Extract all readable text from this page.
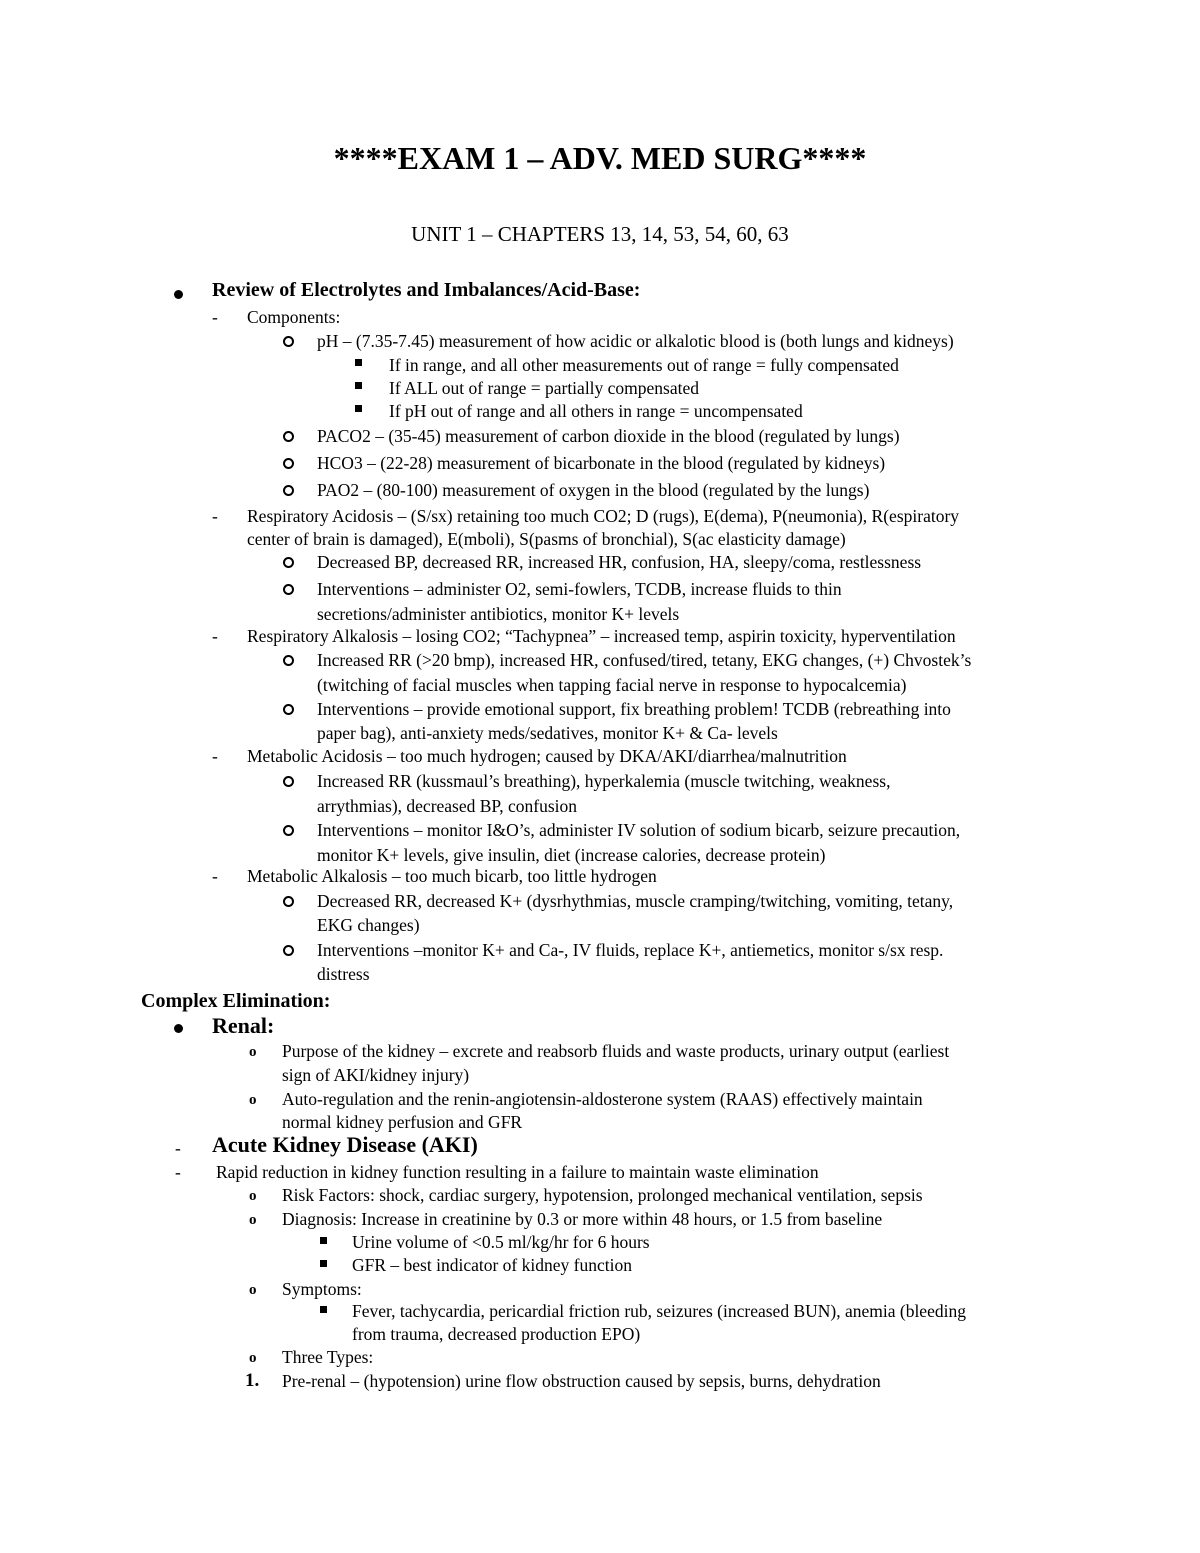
****EXAM 1 – ADV. MED SURG****
UNIT 1 – CHAPTERS 13, 14, 53, 54, 60, 63
Review of Electrolytes and Imbalances/Acid-Base:
- Components:
pH – (7.35-7.45) measurement of how acidic or alkalotic blood is (both lungs and kidneys)
If in range, and all other measurements out of range = fully compensated
If ALL out of range = partially compensated
If pH out of range and all others in range = uncompensated
PACO2 – (35-45) measurement of carbon dioxide in the blood (regulated by lungs)
HCO3 – (22-28) measurement of bicarbonate in the blood (regulated by kidneys)
PAO2 – (80-100) measurement of oxygen in the blood (regulated by the lungs)
- Respiratory Acidosis – (S/sx) retaining too much CO2; D (rugs), E(dema), P(neumonia), R(espiratory
center of brain is damaged), E(mboli), S(pasms of bronchial), S(ac elasticity damage)
Decreased BP, decreased RR, increased HR, confusion, HA, sleepy/coma, restlessness
Interventions – administer O2, semi-fowlers, TCDB, increase fluids to thin
secretions/administer antibiotics, monitor K+ levels
- Respiratory Alkalosis – losing CO2; “Tachypnea” – increased temp, aspirin toxicity, hyperventilation
Increased RR (>20 bmp), increased HR, confused/tired, tetany, EKG changes, (+) Chvostek’s
(twitching of facial muscles when tapping facial nerve in response to hypocalcemia)
Interventions – provide emotional support, fix breathing problem! TCDB (rebreathing into
paper bag), anti-anxiety meds/sedatives, monitor K+ & Ca- levels
- Metabolic Acidosis – too much hydrogen; caused by DKA/AKI/diarrhea/malnutrition
Increased RR (kussmaul’s breathing), hyperkalemia (muscle twitching, weakness,
arrythmias), decreased BP, confusion
Interventions – monitor I&O’s, administer IV solution of sodium bicarb, seizure precaution,
monitor K+ levels, give insulin, diet (increase calories, decrease protein)
- Metabolic Alkalosis – too much bicarb, too little hydrogen
Decreased RR, decreased K+ (dysrhythmias, muscle cramping/twitching, vomiting, tetany,
EKG changes)
Interventions –monitor K+ and Ca-, IV fluids, replace K+, antiemetics, monitor s/sx resp.
distress
Complex Elimination:
Renal:
o Purpose of the kidney – excrete and reabsorb fluids and waste products, urinary output (earliest
sign of AKI/kidney injury)
o Auto-regulation and the renin-angiotensin-aldosterone system (RAAS) effectively maintain
normal kidney perfusion and GFR
- Acute Kidney Disease (AKI)
- Rapid reduction in kidney function resulting in a failure to maintain waste elimination
o Risk Factors: shock, cardiac surgery, hypotension, prolonged mechanical ventilation, sepsis
o Diagnosis: Increase in creatinine by 0.3 or more within 48 hours, or 1.5 from baseline
Urine volume of <0.5 ml/kg/hr for 6 hours
GFR – best indicator of kidney function
o Symptoms:
Fever, tachycardia, pericardial friction rub, seizures (increased BUN), anemia (bleeding
from trauma, decreased production EPO)
o Three Types:
1. Pre-renal – (hypotension) urine flow obstruction caused by sepsis, burns, dehydration
